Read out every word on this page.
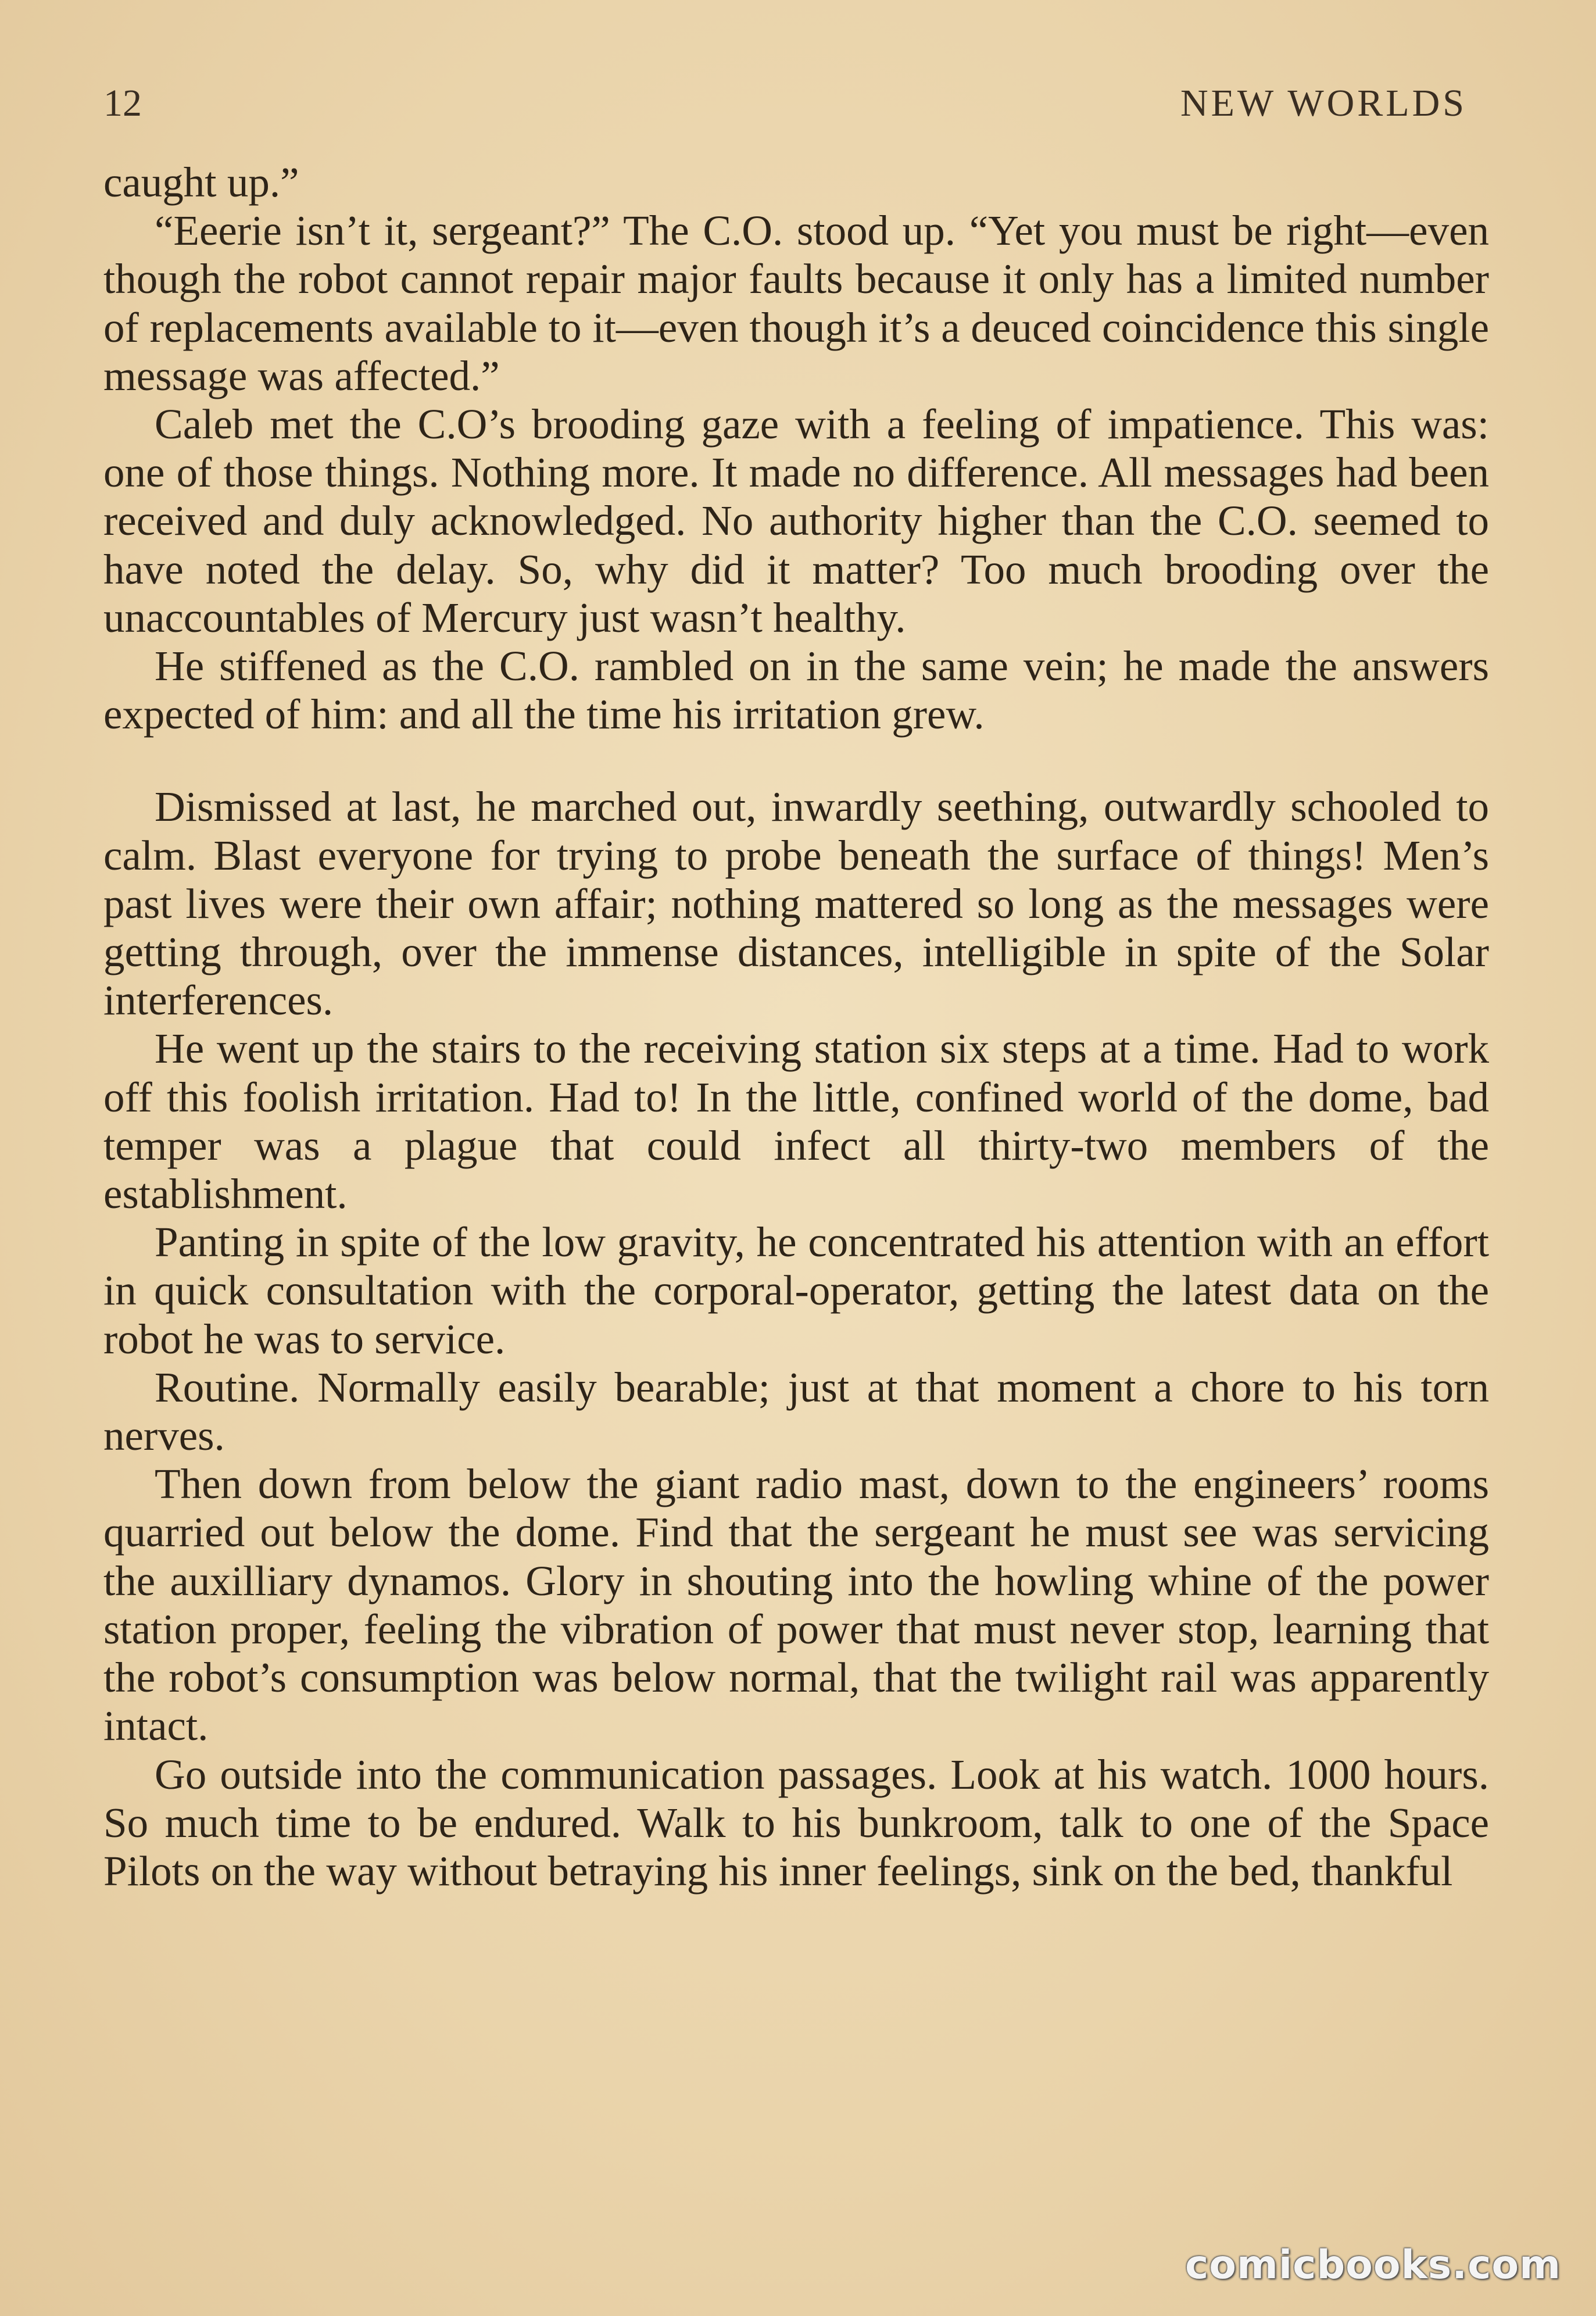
12	NEW WORLDS

caught up.”

“Eeerie isn’t it, sergeant?” The C.O. stood up. “Yet you must be right—even though the robot cannot repair major faults because it only has a limited number of replacements available to it—even though it’s a deuced coincidence this single message was affected.”

Caleb met the C.O’s brooding gaze with a feeling of impatience. This was: one of those things. Nothing more. It made no difference. All messages had been received and duly acknowledged. No authority higher than the C.O. seemed to have noted the delay. So, why did it matter? Too much brooding over the unaccountables of Mercury just wasn’t healthy.

He stiffened as the C.O. rambled on in the same vein; he made the answers expected of him: and all the time his irritation grew.

Dismissed at last, he marched out, inwardly seething, outwardly schooled to calm. Blast everyone for trying to probe beneath the surface of things! Men’s past lives were their own affair; nothing mattered so long as the messages were getting through, over the immense distances, intelligible in spite of the Solar interferences.

He went up the stairs to the receiving station six steps at a time. Had to work off this foolish irritation. Had to! In the little, confined world of the dome, bad temper was a plague that could infect all thirty-two members of the establishment.

Panting in spite of the low gravity, he concentrated his attention with an effort in quick consultation with the corporal-operator, getting the latest data on the robot he was to service.

Routine. Normally easily bearable; just at that moment a chore to his torn nerves.

Then down from below the giant radio mast, down to the engineers’ rooms quarried out below the dome. Find that the sergeant he must see was servicing the auxilliary dynamos. Glory in shouting into the howling whine of the power station proper, feeling the vibration of power that must never stop, learning that the robot’s consumption was below normal, that the twilight rail was apparently intact.

Go outside into the communication passages. Look at his watch. 1000 hours. So much time to be endured. Walk to his bunkroom, talk to one of the Space Pilots on the way without betraying his inner feelings, sink on the bed, thankful

comicbooks.com
